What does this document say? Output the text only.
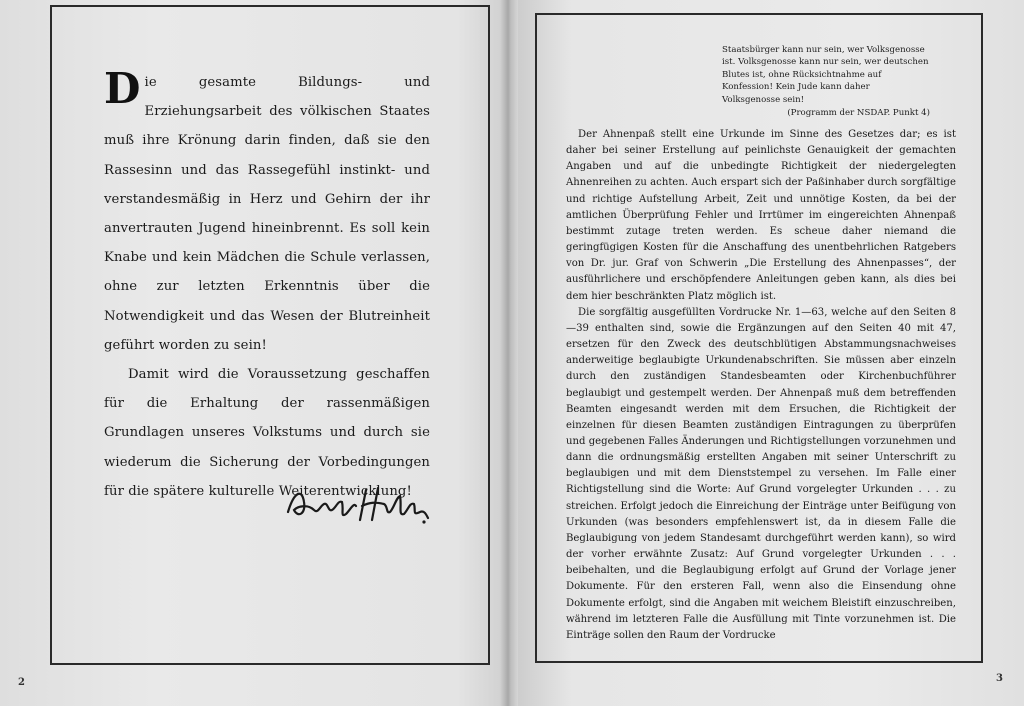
Die gesamte Bildungs- und Erziehungsarbeit des völkischen Staates muß ihre Krönung darin finden, daß sie den Rassesinn und das Rassegefühl instinkt- und verstandesmäßig in Herz und Gehirn der ihr anvertrauten Jugend hineinbrennt. Es soll kein Knabe und kein Mädchen die Schule verlassen, ohne zur letzten Erkenntnis über die Notwendigkeit und das Wesen der Blutreinheit geführt worden zu sein!

Damit wird die Voraussetzung geschaffen für die Erhaltung der rassenmäßigen Grundlagen unseres Volkstums und durch sie wiederum die Sicherung der Vorbedingungen für die spätere kulturelle Weiterentwicklung!

Staatsbürger kann nur sein, wer Volksgenosse ist. Volksgenosse kann nur sein, wer deutschen Blutes ist, ohne Rücksichtnahme auf Konfession! Kein Jude kann daher Volksgenosse sein!

(Programm der NSDAP. Punkt 4)

Der Ahnenpaß stellt eine Urkunde im Sinne des Gesetzes dar; es ist daher bei seiner Erstellung auf peinlichste Genauigkeit der gemachten Angaben und auf die unbedingte Richtigkeit der niedergelegten Ahnenreihen zu achten. Auch erspart sich der Paßinhaber durch sorgfältige und richtige Aufstellung Arbeit, Zeit und unnötige Kosten, da bei der amtlichen Überprüfung Fehler und Irrtümer im eingereichten Ahnenpaß bestimmt zutage treten werden. Es scheue daher niemand die geringfügigen Kosten für die Anschaffung des unentbehrlichen Ratgebers von Dr. jur. Graf von Schwerin „Die Erstellung des Ahnenpasses“, der ausführlichere und erschöpfendere Anleitungen geben kann, als dies bei dem hier beschränkten Platz möglich ist.

Die sorgfältig ausgefüllten Vordrucke Nr. 1—63, welche auf den Seiten 8—39 enthalten sind, sowie die Ergänzungen auf den Seiten 40 mit 47, ersetzen für den Zweck des deutschblütigen Abstammungsnachweises anderweitige beglaubigte Urkundenabschriften. Sie müssen aber einzeln durch den zuständigen Standesbeamten oder Kirchenbuchführer beglaubigt und gestempelt werden. Der Ahnenpaß muß dem betreffenden Beamten eingesandt werden mit dem Ersuchen, die Richtigkeit der einzelnen für diesen Beamten zuständigen Eintragungen zu überprüfen und gegebenen Falles Änderungen und Richtigstellungen vorzunehmen und dann die ordnungsmäßig erstellten Angaben mit seiner Unterschrift zu beglaubigen und mit dem Dienststempel zu versehen. Im Falle einer Richtigstellung sind die Worte: Auf Grund vorgelegter Urkunden . . . zu streichen. Erfolgt jedoch die Einreichung der Einträge unter Beifügung von Urkunden (was besonders empfehlenswert ist, da in diesem Falle die Beglaubigung von jedem Standesamt durchgeführt werden kann), so wird der vorher erwähnte Zusatz: Auf Grund vorgelegter Urkunden . . . beibehalten, und die Beglaubigung erfolgt auf Grund der Vorlage jener Dokumente. Für den ersteren Fall, wenn also die Einsendung ohne Dokumente erfolgt, sind die Angaben mit weichem Bleistift einzuschreiben, während im letzteren Falle die Ausfüllung mit Tinte vorzunehmen ist. Die Einträge sollen den Raum der Vordrucke

2	3
